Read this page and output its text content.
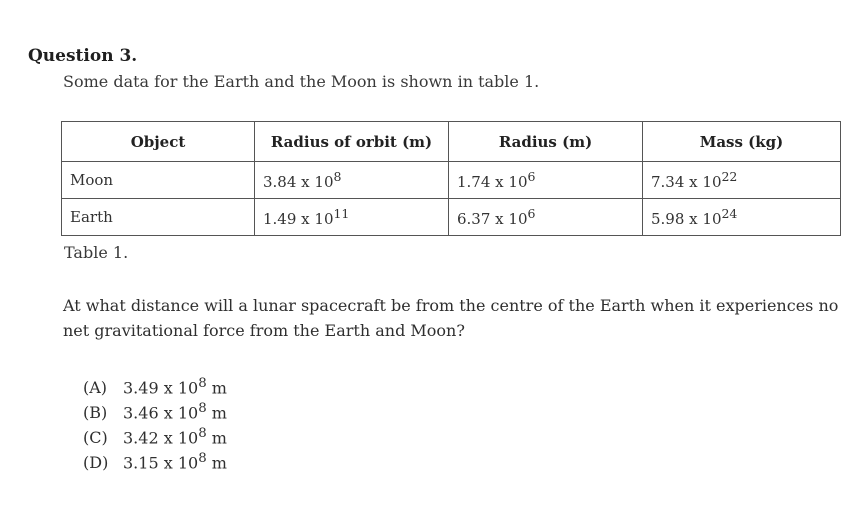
Question 3.
Some data for the Earth and the Moon is shown in table 1.
Object	Radius of orbit (m)	Radius (m)	Mass (kg)
Moon	3.84 x $10^8$	1.74 x $10^6$	7.34 x $10^{22}$
Earth	1.49 x $10^{11}$	6.37 x $10^6$	5.98 x $10^{24}$
Table 1.
At what distance will a lunar spacecraft be from the centre of the Earth when it experiences no net gravitational force from the Earth and Moon?
(A) 3.49 x $10^8$ m
(B) 3.46 x $10^8$ m
(C) 3.42 x $10^8$ m
(D) 3.15 x $10^8$ m
